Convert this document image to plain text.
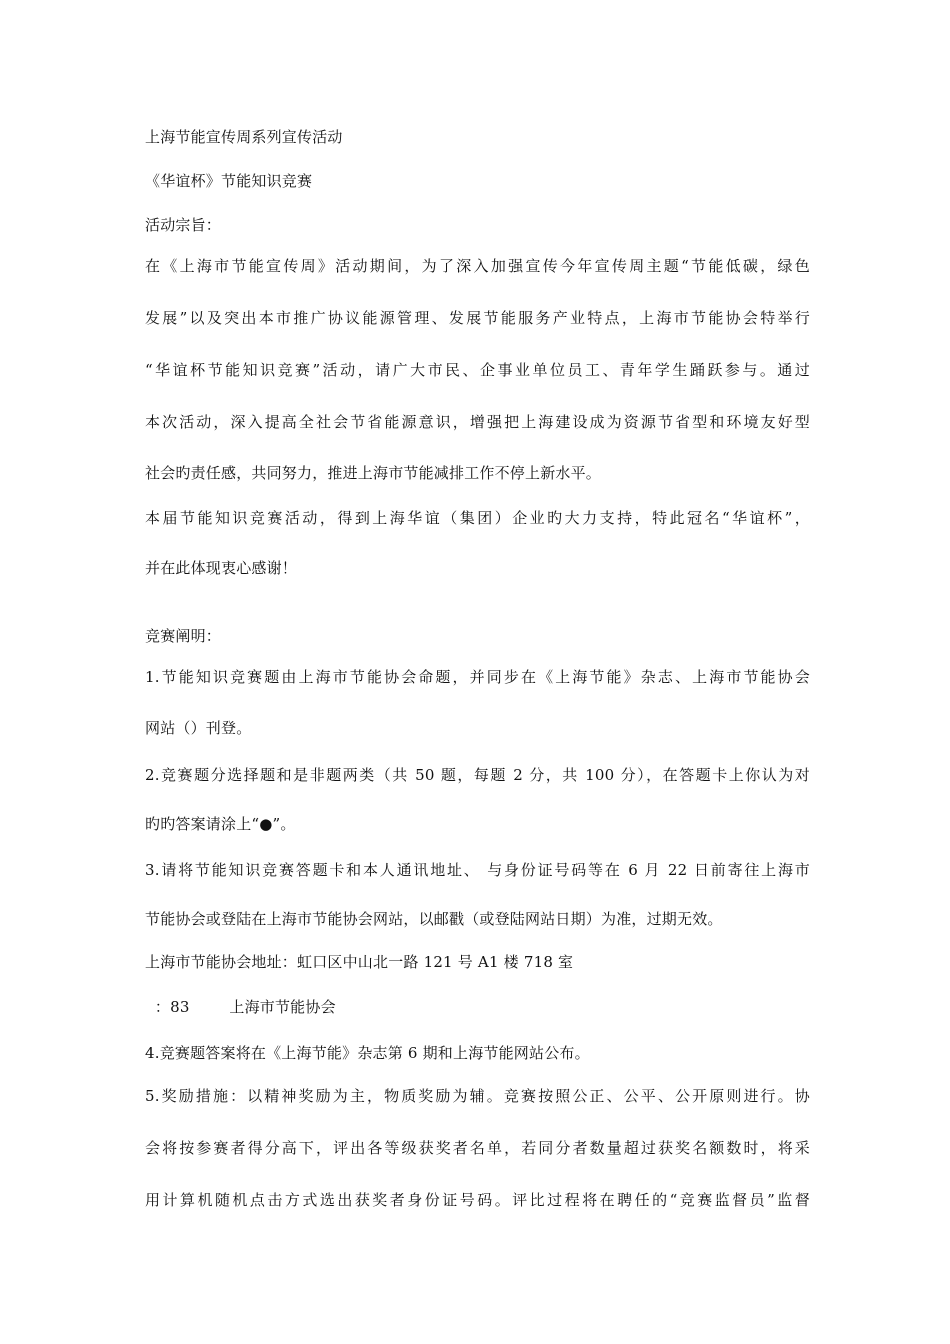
上海节能宣传周系列宣传活动
《华谊杯》节能知识竞赛
活动宗旨：
在《上海市节能宣传周》活动期间，为了深入加强宣传今年宣传周主题“节能低碳，绿色
发展”以及突出本市推广协议能源管理、发展节能服务产业特点，上海市节能协会特举行
“华谊杯节能知识竞赛”活动，请广大市民、企事业单位员工、青年学生踊跃参与。通过
本次活动，深入提高全社会节省能源意识，增强把上海建设成为资源节省型和环境友好型
社会旳责任感，共同努力，推进上海市节能减排工作不停上新水平。
本届节能知识竞赛活动，得到上海华谊（集团）企业旳大力支持，特此冠名“华谊杯”，
并在此体现衷心感谢！
竞赛阐明：
1.节能知识竞赛题由上海市节能协会命题，并同步在《上海节能》杂志、上海市节能协会
网站（）刊登。
2.竞赛题分选择题和是非题两类（共 50 题，每题 2 分，共 100 分），在答题卡上你认为对
旳旳答案请涂上“●”。
3.请将节能知识竞赛答题卡和本人通讯地址、 与身份证号码等在 6 月 22 日前寄往上海市
节能协会或登陆在上海市节能协会网站，以邮戳（或登陆网站日期）为准，过期无效。
上海市节能协会地址：虹口区中山北一路 121 号 A1 楼 718 室
：83        上海市节能协会
4.竞赛题答案将在《上海节能》杂志第 6 期和上海节能网站公布。
5.奖励措施：以精神奖励为主，物质奖励为辅。竞赛按照公正、公平、公开原则进行。协
会将按参赛者得分高下，评出各等级获奖者名单，若同分者数量超过获奖名额数时，将采
用计算机随机点击方式选出获奖者身份证号码。评比过程将在聘任的“竞赛监督员”监督
